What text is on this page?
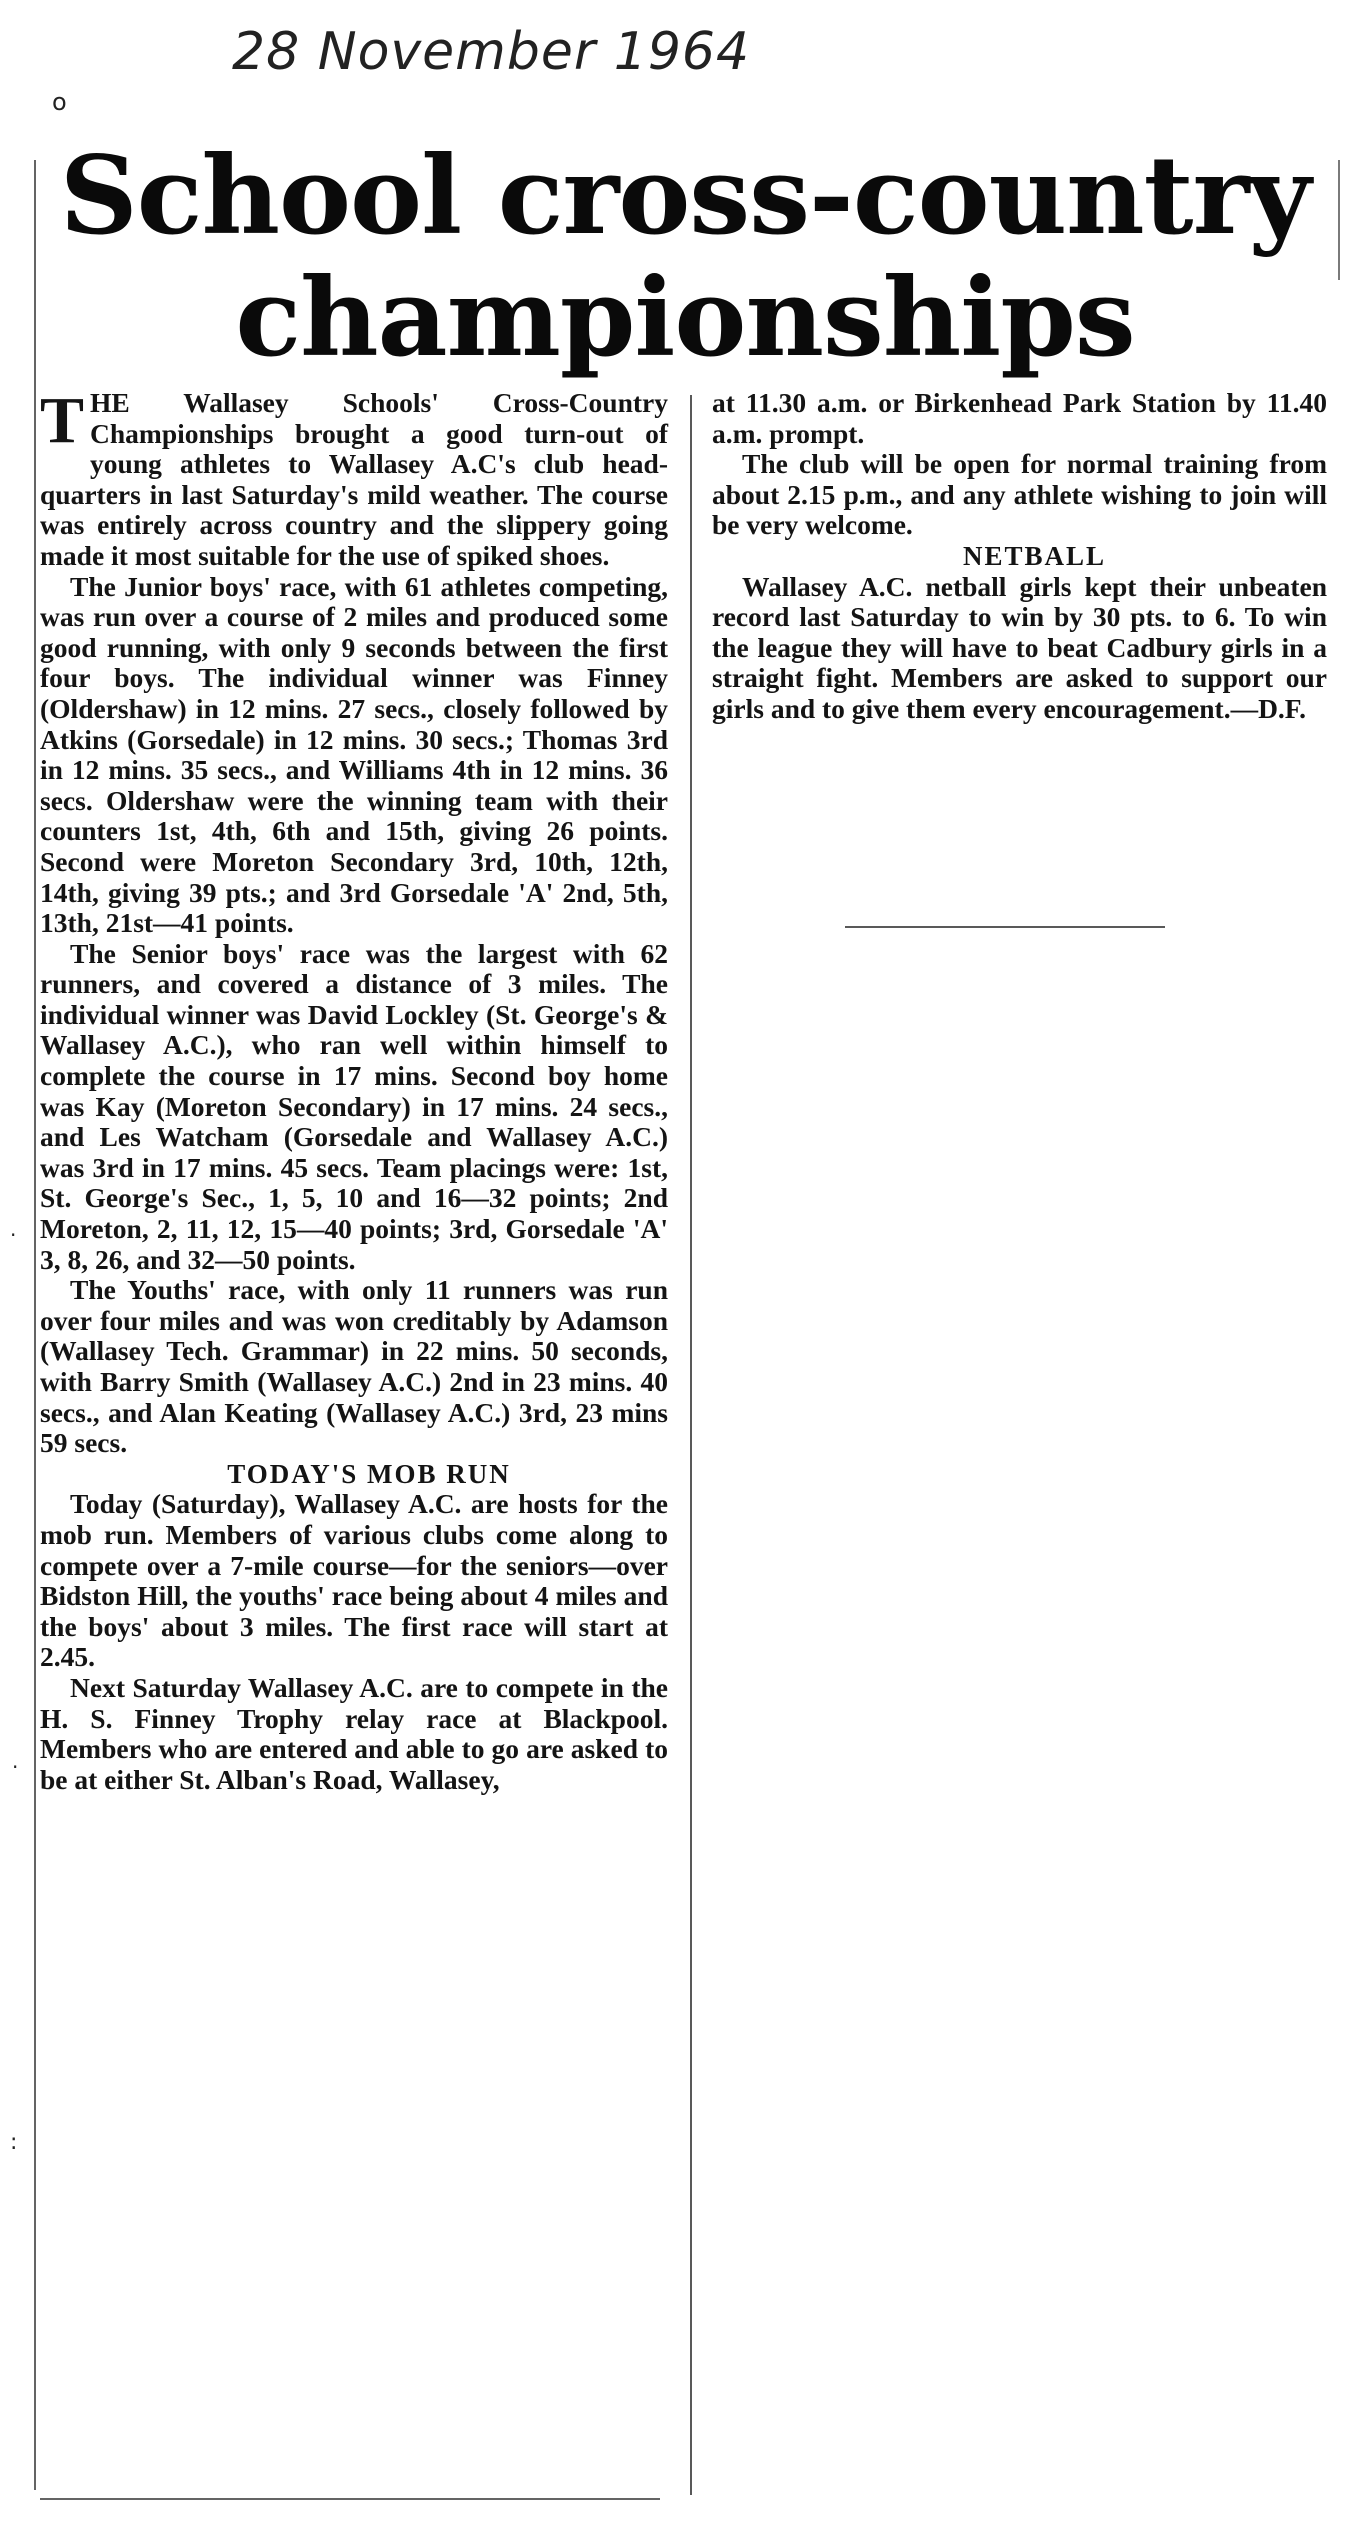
28 November 1964
o
·
·
:
School cross-country
championships

THE Wallasey Schools' Cross-Country Championships brought a good turn-out of young athletes to Wallasey A.C's club head-quarters in last Saturday's mild weather. The course was entirely across country and the slippery going made it most suitable for the use of spiked shoes.

The Junior boys' race, with 61 athletes competing, was run over a course of 2 miles and produced some good running, with only 9 seconds between the first four boys. The individual winner was Finney (Oldershaw) in 12 mins. 27 secs., closely followed by Atkins (Gorsedale) in 12 mins. 30 secs.; Thomas 3rd in 12 mins. 35 secs., and Williams 4th in 12 mins. 36 secs. Oldershaw were the winning team with their counters 1st, 4th, 6th and 15th, giving 26 points. Second were Moreton Secondary 3rd, 10th, 12th, 14th, giving 39 pts.; and 3rd Gorsedale 'A' 2nd, 5th, 13th, 21st—41 points.

The Senior boys' race was the largest with 62 runners, and covered a distance of 3 miles. The individual winner was David Lockley (St. George's & Wallasey A.C.), who ran well within himself to complete the course in 17 mins. Second boy home was Kay (Moreton Secondary) in 17 mins. 24 secs., and Les Watcham (Gorsedale and Wallasey A.C.) was 3rd in 17 mins. 45 secs. Team placings were: 1st, St. George's Sec., 1, 5, 10 and 16—32 points; 2nd Moreton, 2, 11, 12, 15—40 points; 3rd, Gorsedale 'A' 3, 8, 26, and 32—50 points.

The Youths' race, with only 11 runners was run over four miles and was won creditably by Adamson (Wallasey Tech. Grammar) in 22 mins. 50 seconds, with Barry Smith (Wallasey A.C.) 2nd in 23 mins. 40 secs., and Alan Keating (Wallasey A.C.) 3rd, 23 mins 59 secs.

TODAY'S MOB RUN

Today (Saturday), Wallasey A.C. are hosts for the mob run. Members of various clubs come along to compete over a 7-mile course—for the seniors—over Bidston Hill, the youths' race being about 4 miles and the boys' about 3 miles. The first race will start at 2.45.

Next Saturday Wallasey A.C. are to compete in the H. S. Finney Trophy relay race at Blackpool. Members who are entered and able to go are asked to be at either St. Alban's Road, Wallasey,

at 11.30 a.m. or Birkenhead Park Station by 11.40 a.m. prompt.

The club will be open for normal training from about 2.15 p.m., and any athlete wishing to join will be very welcome.

NETBALL

Wallasey A.C. netball girls kept their unbeaten record last Saturday to win by 30 pts. to 6. To win the league they will have to beat Cadbury girls in a straight fight. Members are asked to support our girls and to give them every encouragement.—D.F.
